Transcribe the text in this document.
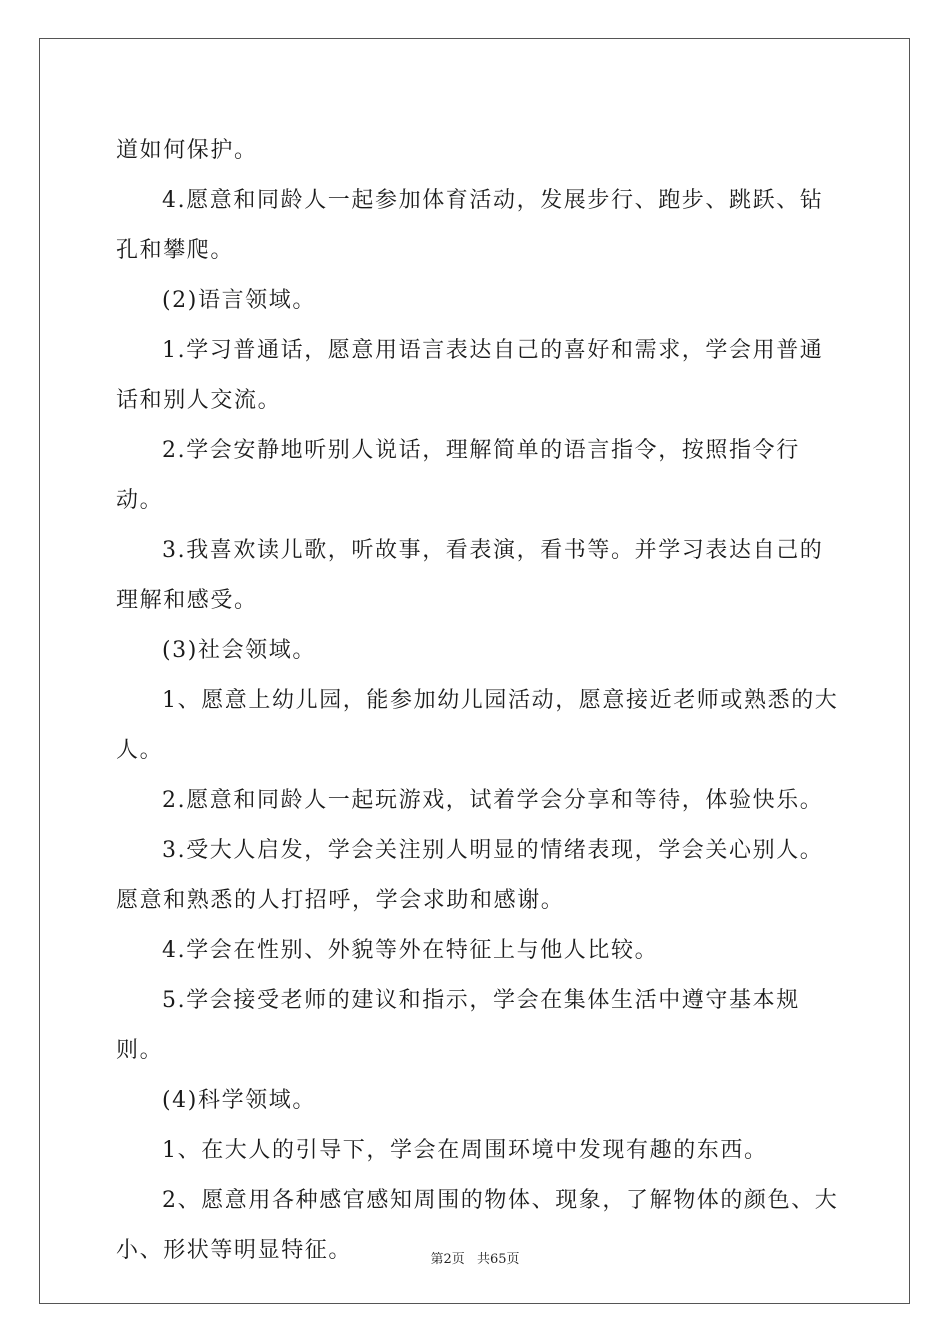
道如何保护。

4.愿意和同龄人一起参加体育活动，发展步行、跑步、跳跃、钻孔和攀爬。

(2)语言领域。

1.学习普通话，愿意用语言表达自己的喜好和需求，学会用普通话和别人交流。

2.学会安静地听别人说话，理解简单的语言指令，按照指令行动。

3.我喜欢读儿歌，听故事，看表演，看书等。并学习表达自己的理解和感受。

(3)社会领域。

1、愿意上幼儿园，能参加幼儿园活动，愿意接近老师或熟悉的大人。

2.愿意和同龄人一起玩游戏，试着学会分享和等待，体验快乐。

3.受大人启发，学会关注别人明显的情绪表现，学会关心别人。愿意和熟悉的人打招呼，学会求助和感谢。

4.学会在性别、外貌等外在特征上与他人比较。

5.学会接受老师的建议和指示，学会在集体生活中遵守基本规则。

(4)科学领域。

1、在大人的引导下，学会在周围环境中发现有趣的东西。

2、愿意用各种感官感知周围的物体、现象，了解物体的颜色、大小、形状等明显特征。	第2页 共65页
